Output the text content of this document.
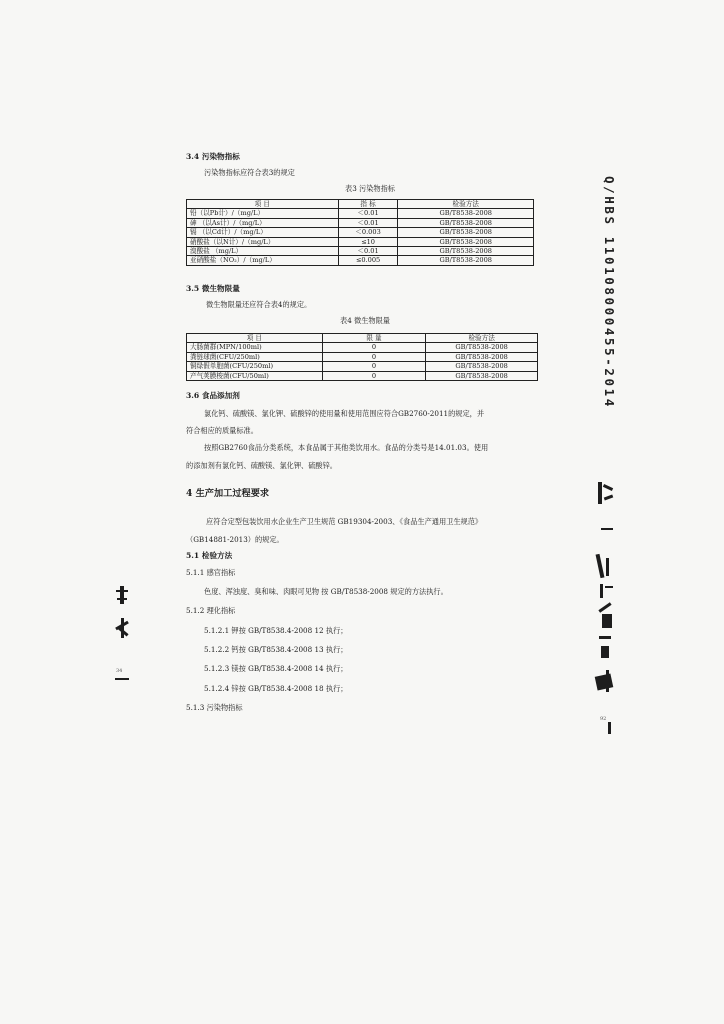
3.4 污染物指标
污染物指标应符合表3的规定
表3 污染物指标
项 目	指 标	检验方法
铅（以Pb计）/（mg/L）	＜0.01	GB/T8538-2008
砷 （以As计）/（mg/L）	＜0.01	GB/T8538-2008
镉 （以Cd计）/（mg/L）	＜0.003	GB/T8538-2008
硝酸盐（以N计）/（mg/L）	≤10	GB/T8538-2008
溴酸盐 （mg/L）	＜0.01	GB/T8538-2008
亚硝酸盐（NO₂）/（mg/L）	≤0.005	GB/T8538-2008
3.5 微生物限量
微生物限量还应符合表4的规定。
表4 微生物限量
项 目	限 量	检验方法
大肠菌群(MPN/100ml)	0	GB/T8538-2008
粪链球菌(CFU/250ml)	0	GB/T8538-2008
铜绿假单胞菌(CFU/250ml)	0	GB/T8538-2008
产气荚膜梭菌(CFU/50ml)	0	GB/T8538-2008
3.6 食品添加剂
氯化钙、硫酸镁、氯化钾、硫酸锌的使用量和使用范围应符合GB2760-2011的规定，并
符合相应的质量标准。
按照GB2760食品分类系统，本食品属于其他类饮用水。食品的分类号是14.01.03。使用
的添加剂有氯化钙、硫酸镁、氯化钾、硫酸锌。
4 生产加工过程要求
应符合定型包装饮用水企业生产卫生规范 GB19304-2003、《食品生产通用卫生规范》
（GB14881-2013）的规定。
5.1 检验方法
5.1.1 感官指标
色度、浑浊度、臭和味、肉眼可见物 按 GB/T8538-2008 规定的方法执行。
5.1.2 理化指标
5.1.2.1 钾按 GB/T8538.4-2008 12 执行；
5.1.2.2 钙按 GB/T8538.4-2008 13 执行；
5.1.2.3 镁按 GB/T8538.4-2008 14 执行；
5.1.2.4 锌按 GB/T8538.4-2008 18 执行；
5.1.3 污染物指标
Q/HBS 110108000455-2014
34
92
